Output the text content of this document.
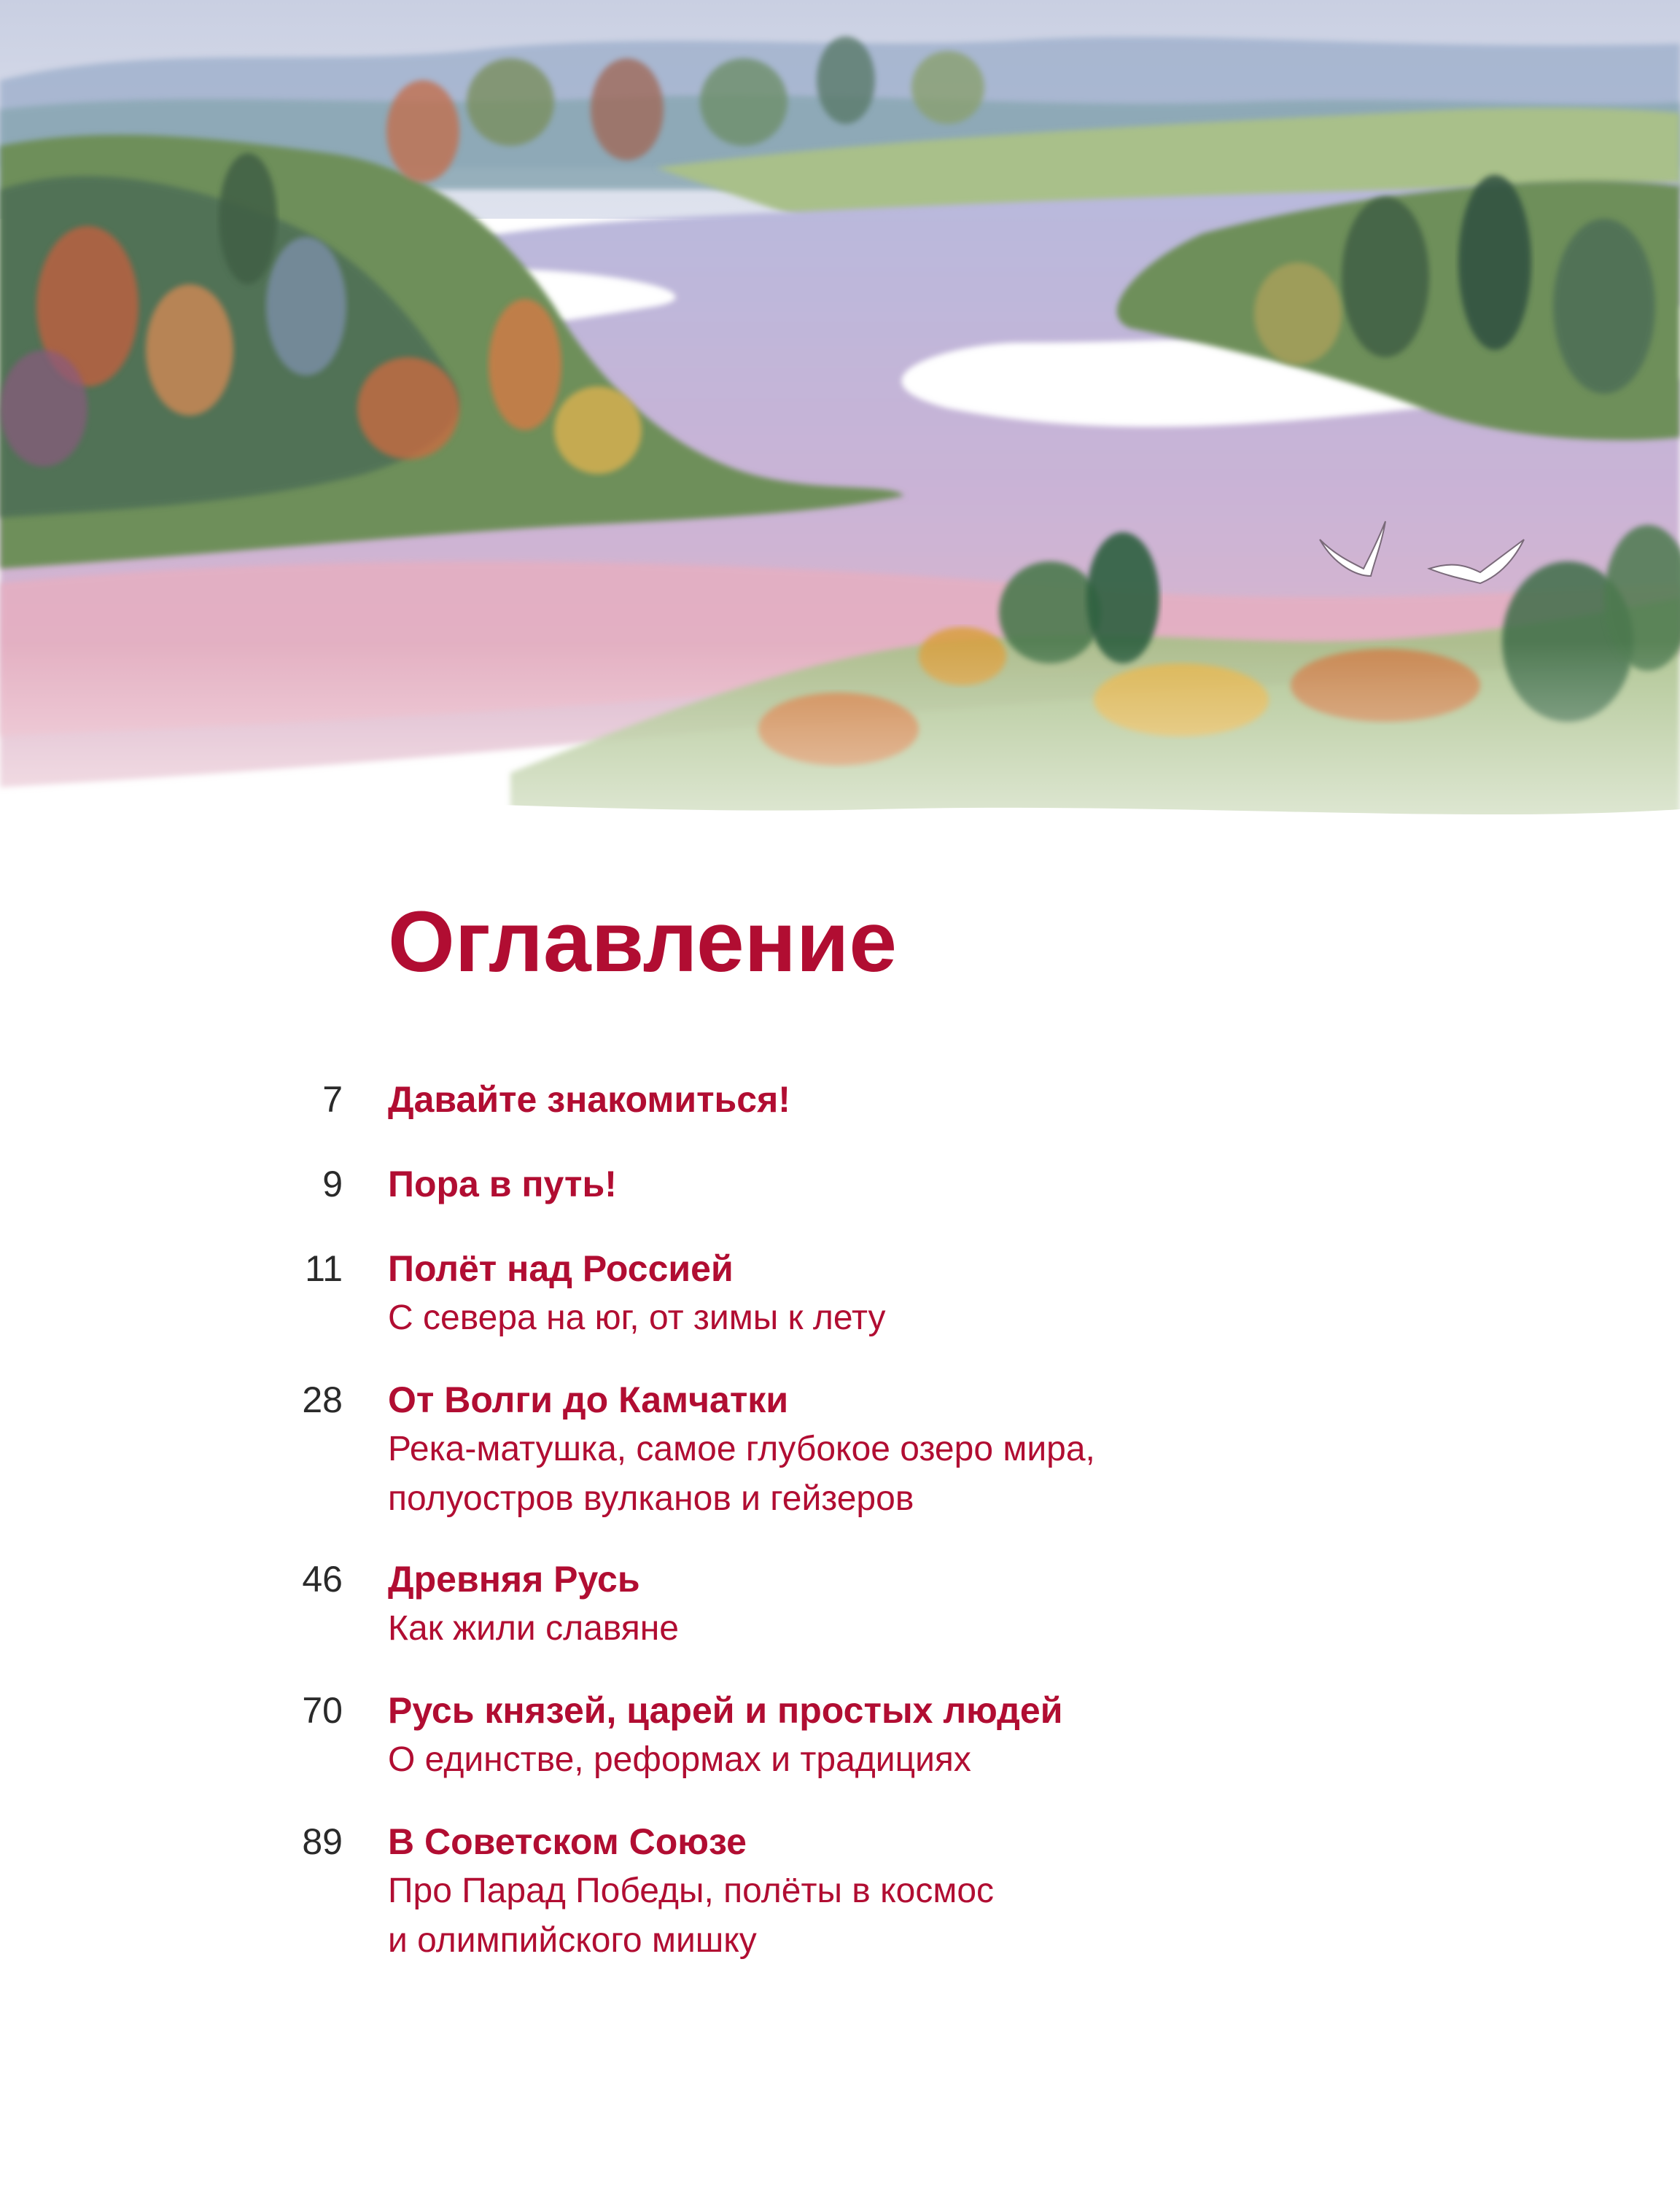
Оглавление
7 Давайте знакомиться!
9 Пора в путь!
11 Полёт над Россией
С севера на юг, от зимы к лету
28 От Волги до Камчатки
Река-матушка, самое глубокое озеро мира,
полуостров вулканов и гейзеров
46 Древняя Русь
Как жили славяне
70 Русь князей, царей и простых людей
О единстве, реформах и традициях
89 В Советском Союзе
Про Парад Победы, полёты в космос
и олимпийского мишку
